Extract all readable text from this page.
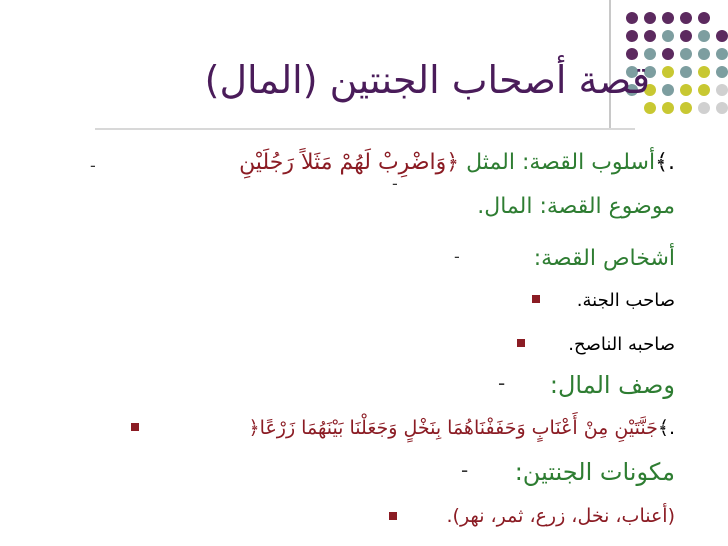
قصة أصحاب الجنتين (المال)
.﴾أسلوب القصة: المثل ﴿وَاضْرِبْ لَهُمْ مَثَلاً رَجُلَيْنِ
-
موضوع القصة: المال.
-
أشخاص القصة:
-
صاحب الجنة.
صاحبه الناصح.
وصف المال:
-
.﴾جَنَّتَيْنِ مِنْ أَعْنَابٍ وَحَفَفْنَاهُمَا بِنَخْلٍ وَجَعَلْنَا بَيْنَهُمَا زَرْعًا﴿
مكونات الجنتين:
-
(أعناب، نخل، زرع، ثمر، نهر).
